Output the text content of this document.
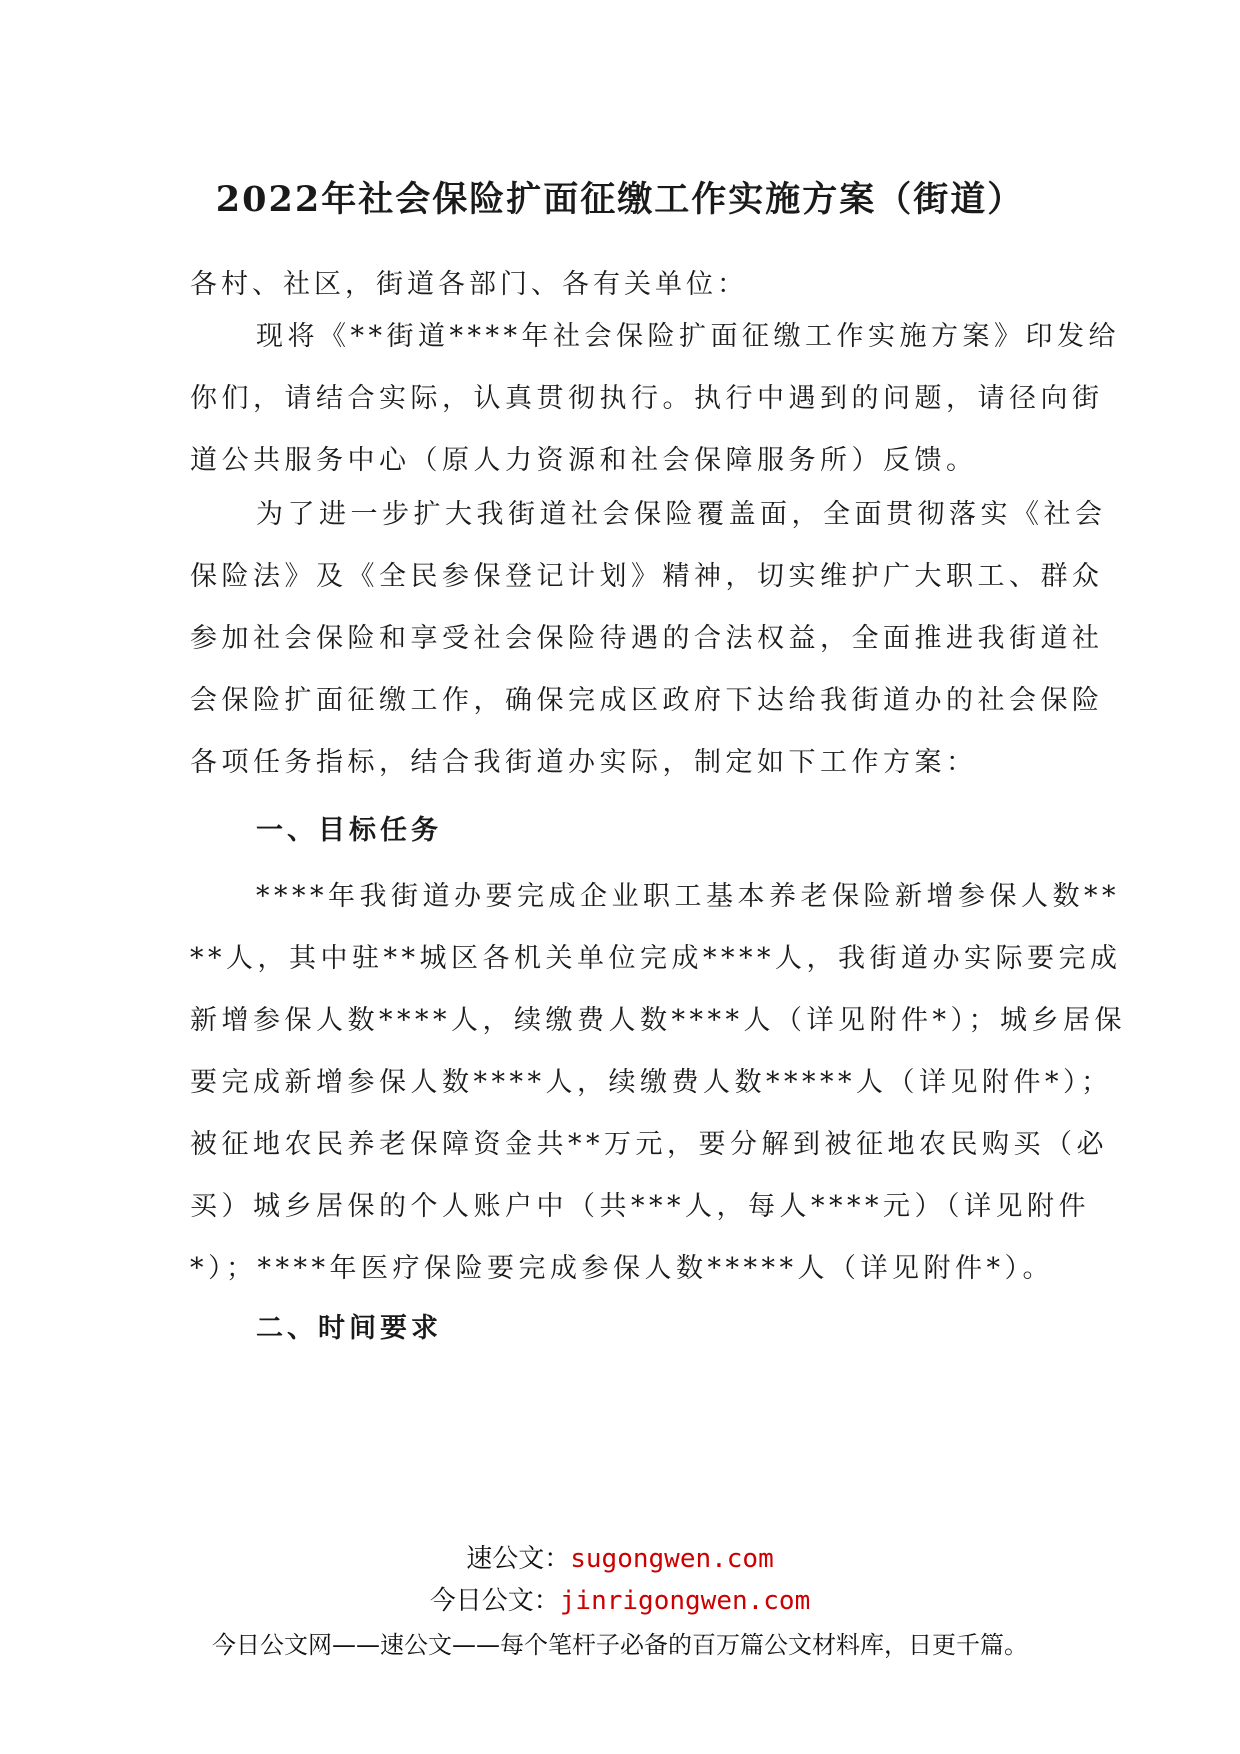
2022年社会保险扩面征缴工作实施方案（街道）

各村、社区，街道各部门、各有关单位：

现将《**街道****年社会保险扩面征缴工作实施方案》印发给
你们，请结合实际，认真贯彻执行。执行中遇到的问题，请径向街
道公共服务中心（原人力资源和社会保障服务所）反馈。
为了进一步扩大我街道社会保险覆盖面，全面贯彻落实《社会
保险法》及《全民参保登记计划》精神，切实维护广大职工、群众
参加社会保险和享受社会保险待遇的合法权益，全面推进我街道社
会保险扩面征缴工作，确保完成区政府下达给我街道办的社会保险
各项任务指标，结合我街道办实际，制定如下工作方案：
一、目标任务
****年我街道办要完成企业职工基本养老保险新增参保人数**
**人，其中驻**城区各机关单位完成****人，我街道办实际要完成
新增参保人数****人，续缴费人数****人（详见附件*）；城乡居保
要完成新增参保人数****人，续缴费人数*****人（详见附件*）；
被征地农民养老保障资金共**万元，要分解到被征地农民购买（必
买）城乡居保的个人账户中（共***人，每人****元）（详见附件
*）；****年医疗保险要完成参保人数*****人（详见附件*）。
二、时间要求
速公文：sugongwen.com
今日公文：jinrigongwen.com
今日公文网——速公文——每个笔杆子必备的百万篇公文材料库，日更千篇。
